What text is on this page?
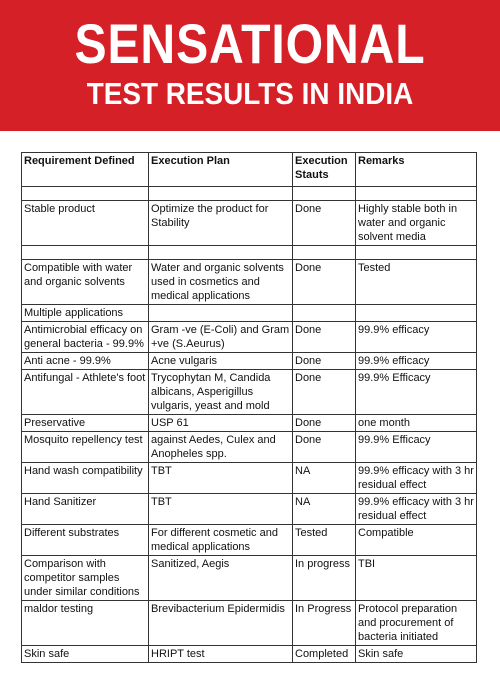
SENSATIONAL
TEST RESULTS IN INDIA
Requirement Defined	Execution Plan	Execution Stauts	Remarks

Stable product	Optimize the product for Stability	Done	Highly stable both in water and organic solvent media

Compatible with water and organic solvents	Water and organic solvents used in cosmetics and medical applications	Done	Tested
Multiple applications			
Antimicrobial efficacy on general bacteria - 99.9%	Gram -ve (E-Coli) and Gram +ve (S.Aeurus)	Done	99.9% efficacy
Anti acne - 99.9%	Acne vulgaris	Done	99.9% efficacy
Antifungal - Athlete's foot	Trycophytan M, Candida albicans, Asperigillus vulgaris, yeast and mold	Done	99.9% Efficacy
Preservative	USP 61	Done	one month
Mosquito repellency test	against Aedes, Culex and Anopheles spp.	Done	99.9% Efficacy
Hand wash compatibility	TBT	NA	99.9% efficacy with 3 hr residual effect
Hand Sanitizer	TBT	NA	99.9% efficacy with 3 hr residual effect
Different substrates	For different cosmetic and medical applications	Tested	Compatible
Comparison with competitor samples under similar conditions	Sanitized, Aegis	In progress	TBI
maldor testing	Brevibacterium Epidermidis	In Progress	Protocol preparation and procurement of bacteria initiated
Skin safe	HRIPT test	Completed	Skin safe
